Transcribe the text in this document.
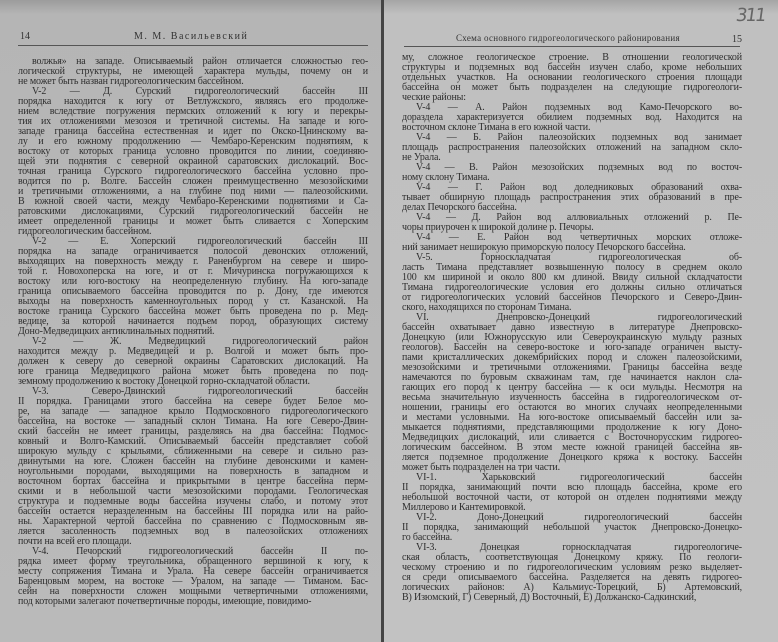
14	М. М. Васильевский
волжья» на западе. Описываемый район отличается сложностью гео-
логической структуры, не имеющей характера мульды, почему он и
не может быть назван гидрогеологическим бассейном.
V-2 — Д. Сурский гидрогеологический бассейн III
порядка находится к югу от Ветлужского, являясь его продолже-
нием вследствие погружения пермских отложений к югу и перекры-
тия их отложениями мезозоя и третичной системы. На западе и юго-
западе граница бассейна естественная и идет по Окско-Цнинскому ва-
лу и его южному продолжению — Чембаро-Керенским поднятиям, к
востоку от которых граница условно проводится по линии, соединяю-
щей эти поднятия с северной окраиной саратовских дислокаций. Вос-
точная граница Сурского гидрогеологического бассейна условно про-
водится по р. Волге. Бассейн сложен преимущественно мезозойскими
и третичными отложениями, а на глубине под ними — палеозойскими.
В южной своей части, между Чембаро-Керенскими поднятиями и Са-
ратовскими дислокациями, Сурский гидрогеологический бассейн не
имеет определенной границы и может быть сливается с Хоперским
гидрогеологическим бассейном.
V-2 — Е. Хоперский гидрогеологический бассейн III
порядка на западе ограничивается полосой девонских отложений,
выходящих на поверхность между г. Раненбургом на севере и широ-
той г. Новохоперска на юге, и от г. Мичуринска погружающихся к
востоку или юго-востоку на неопределенную глубину. На юго-западе
граница описываемого бассейна проводится по р. Дону, где имеются
выходы на поверхность каменноугольных пород у ст. Казанской. На
востоке граница Сурского бассейна может быть проведена по р. Мед-
ведице, за которой начинается подъем пород, образующих систему
Доно-Медведицких антиклинальных поднятий.
V-2 — Ж. Медведицкий гидрогеологический район
находится между р. Медведицей и р. Волгой и может быть про-
должен к северу до северной окраины Саратовских дислокаций. На
юге граница Медведицкого района может быть проведена по под-
земному продолжению к востоку Донецкой горно-складчатой области.
V-3. Северо-Двинский гидрогеологический бассейн
II порядка. Границами этого бассейна на севере будет Белое мо-
ре, на западе — западное крыло Подмосковного гидрогеологического
бассейна, на востоке — западный склон Тимана. На юге Северо-Двин-
ский бассейн не имеет границы, разделяясь на два бассейна: Подмос-
ковный и Волго-Камский. Описываемый бассейн представляет собой
широкую мульду с крыльями, сближенными на севере и сильно раз-
двинутыми на юге. Сложен бассейн на глубине девонскими и камен-
ноугольными породами, выходящими на поверхность в западном и
восточном бортах бассейна и прикрытыми в центре бассейна перм-
скими и в небольшой части мезозойскими породами. Геологическая
структура и подземные воды бассейна изучены слабо, и потому этот
бассейн остается неразделенным на бассейны III порядка или на райо-
ны. Характерной чертой бассейна по сравнению с Подмосковным яв-
ляется засоленность подземных вод в палеозойских отложениях
почти на всей его площади.
V-4. Печорский гидрогеологический бассейн II по-
рядка имеет форму треугольника, обращенного вершиной к югу, к
месту сопряжения Тимана и Урала. На севере бассейн ограничивается
Баренцовым морем, на востоке — Уралом, на западе — Тиманом. Бас-
сейн на поверхности сложен мощными четвертичными отложениями,
под которыми залегают почетвертичные породы, имеющие, повидимо-
Схема основного гидрогеологического районирования	15
311
му, сложное геологическое строение. В отношении геологической
структуры и подземных вод бассейн изучен слабо, кроме небольших
отдельных участков. На основании геологического строения площади
бассейна он может быть подразделен на следующие гидрогеологи-
ческие районы:
V-4 — А. Район подземных вод Камо-Печорского во-
дораздела характеризуется обилием подземных вод. Находится на
восточном склоне Тимана в его южной части.
V-4 — Б. Район палеозойских подземных вод занимает
площадь распространения палеозойских отложений на западном скло-
не Урала.
V-4 — В. Район мезозойских подземных вод по восточ-
ному склону Тимана.
V-4 — Г. Район вод доледниковых образований охва-
тывает обширную площадь распространения этих образований в пре-
делах Печорского бассейна.
V-4 — Д. Район вод аллювиальных отложений р. Пе-
чоры приурочен к широкой долине р. Печоры.
V-4 — Е. Район вод четвертичных морских отложе-
ний занимает неширокую приморскую полосу Печорского бассейна.
V-5. Горноскладчатая гидрогеологическая об-
ласть Тимана представляет возвышенную полосу в среднем около
100 км шириной и около 800 км длиной. Ввиду сильной складчатости
Тимана гидрогеологические условия его должны сильно отличаться
от гидрогеологических условий бассейнов Печорского и Северо-Двин-
ского, находящихся по сторонам Тимана.
VI. Днепровско-Донецкий гидрогеологический
бассейн охватывает давно известную в литературе Днепровско-
Донецкую (или Южнорусскую или Североукраинскую мульду разных
геологов). Бассейн на северо-востоке и юго-западе ограничен высту-
пами кристаллических докембрийских пород и сложен палеозойскими,
мезозойскими и третичными отложениями. Границы бассейна везде
намечаются по буровым скважинам там, где начинается наклон сла-
гающих его пород к центру бассейна — к оси мульды. Несмотря на
весьма значительную изученность бассейна в гидрогеологическом от-
ношении, границы его остаются во многих случаях неопределенными
и местами условными. На юго-востоке описываемый бассейн или за-
мыкается поднятиями, представляющими продолжение к югу Доно-
Медведицких дислокаций, или сливается с Восточнорусским гидрогео-
логическим бассейном. В этом месте южной границей бассейна яв-
ляется подземное продолжение Донецкого кряжа к востоку. Бассейн
может быть подразделен на три части.
VI-1. Харьковский гидрогеологический бассейн
II порядка, занимающий почти всю площадь бассейна, кроме его
небольшой восточной части, от которой он отделен поднятиями между
Миллерово и Кантемировкой.
VI-2. Доно-Донецкий гидрогеологический бассейн
II порядка, занимающий небольшой участок Днепровско-Донецко-
го бассейна.
VI-3. Донецкая горноскладчатая гидрогеологиче-
ская область, соответствующая Донецкому кряжу. По геологи-
ческому строению и по гидрогеологическим условиям резко выделяет-
ся среди описываемого бассейна. Разделяется на девять гидрогео-
логических районов: А) Кальмиус-Торецкий, Б) Артемовский,
В) Изюмский, Г) Северный, Д) Восточный, Е) Должанско-Садкинский,
